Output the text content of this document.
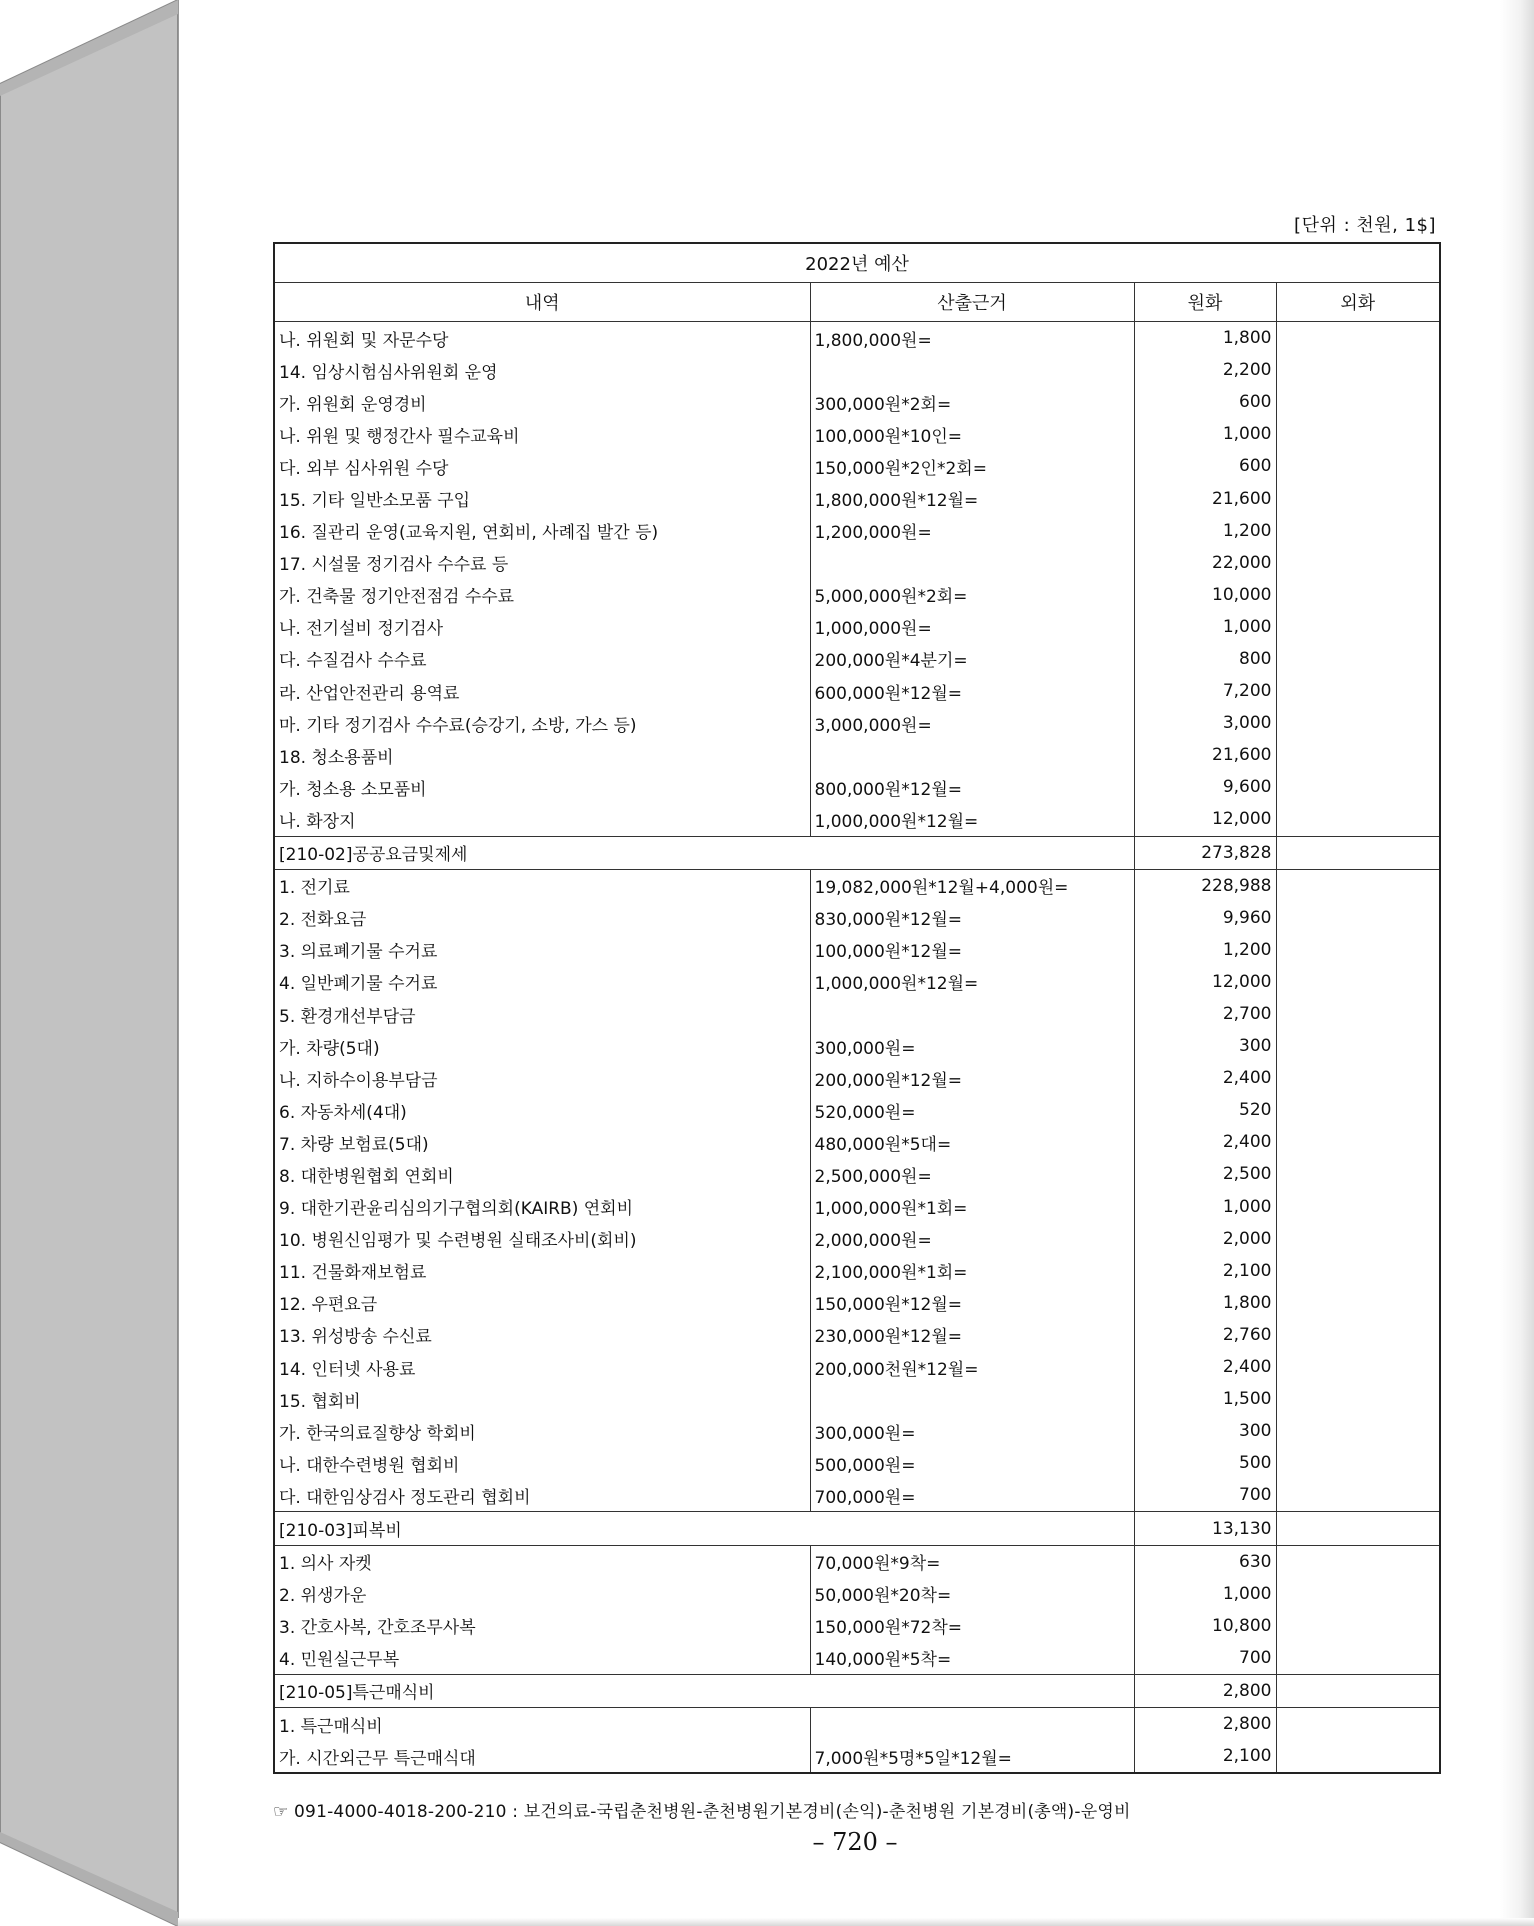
[단위 : 천원, 1$]
2022년 예산			
내역	산출근거	원화	외화
나. 위원회 및 자문수당	1,800,000원=	1,800	
14. 임상시험심사위원회 운영		2,200	
가. 위원회 운영경비	300,000원*2회=	600	
나. 위원 및 행정간사 필수교육비	100,000원*10인=	1,000	
다. 외부 심사위원 수당	150,000원*2인*2회=	600	
15. 기타 일반소모품 구입	1,800,000원*12월=	21,600	
16. 질관리 운영(교육지원, 연회비, 사례집 발간 등)	1,200,000원=	1,200	
17. 시설물 정기검사 수수료 등		22,000	
가. 건축물 정기안전점검 수수료	5,000,000원*2회=	10,000	
나. 전기설비 정기검사	1,000,000원=	1,000	
다. 수질검사 수수료	200,000원*4분기=	800	
라. 산업안전관리 용역료	600,000원*12월=	7,200	
마. 기타 정기검사 수수료(승강기, 소방, 가스 등)	3,000,000원=	3,000	
18. 청소용품비		21,600	
가. 청소용 소모품비	800,000원*12월=	9,600	
나. 화장지	1,000,000원*12월=	12,000	
[210-02]공공요금및제세		273,828	
1. 전기료	19,082,000원*12월+4,000원=	228,988	
2. 전화요금	830,000원*12월=	9,960	
3. 의료폐기물 수거료	100,000원*12월=	1,200	
4. 일반폐기물 수거료	1,000,000원*12월=	12,000	
5. 환경개선부담금		2,700	
가. 차량(5대)	300,000원=	300	
나. 지하수이용부담금	200,000원*12월=	2,400	
6. 자동차세(4대)	520,000원=	520	
7. 차량 보험료(5대)	480,000원*5대=	2,400	
8. 대한병원협회 연회비	2,500,000원=	2,500	
9. 대한기관윤리심의기구협의회(KAIRB) 연회비	1,000,000원*1회=	1,000	
10. 병원신임평가 및 수련병원 실태조사비(회비)	2,000,000원=	2,000	
11. 건물화재보험료	2,100,000원*1회=	2,100	
12. 우편요금	150,000원*12월=	1,800	
13. 위성방송 수신료	230,000원*12월=	2,760	
14. 인터넷 사용료	200,000천원*12월=	2,400	
15. 협회비		1,500	
가. 한국의료질향상 학회비	300,000원=	300	
나. 대한수련병원 협회비	500,000원=	500	
다. 대한임상검사 정도관리 협회비	700,000원=	700	
[210-03]피복비		13,130	
1. 의사 자켓	70,000원*9착=	630	
2. 위생가운	50,000원*20착=	1,000	
3. 간호사복, 간호조무사복	150,000원*72착=	10,800	
4. 민원실근무복	140,000원*5착=	700	
[210-05]특근매식비		2,800	
1. 특근매식비		2,800	
가. 시간외근무 특근매식대	7,000원*5명*5일*12월=	2,100	
☞ 091-4000-4018-200-210 : 보건의료-국립춘천병원-춘천병원기본경비(손익)-춘천병원 기본경비(총액)-운영비
– 720 –
